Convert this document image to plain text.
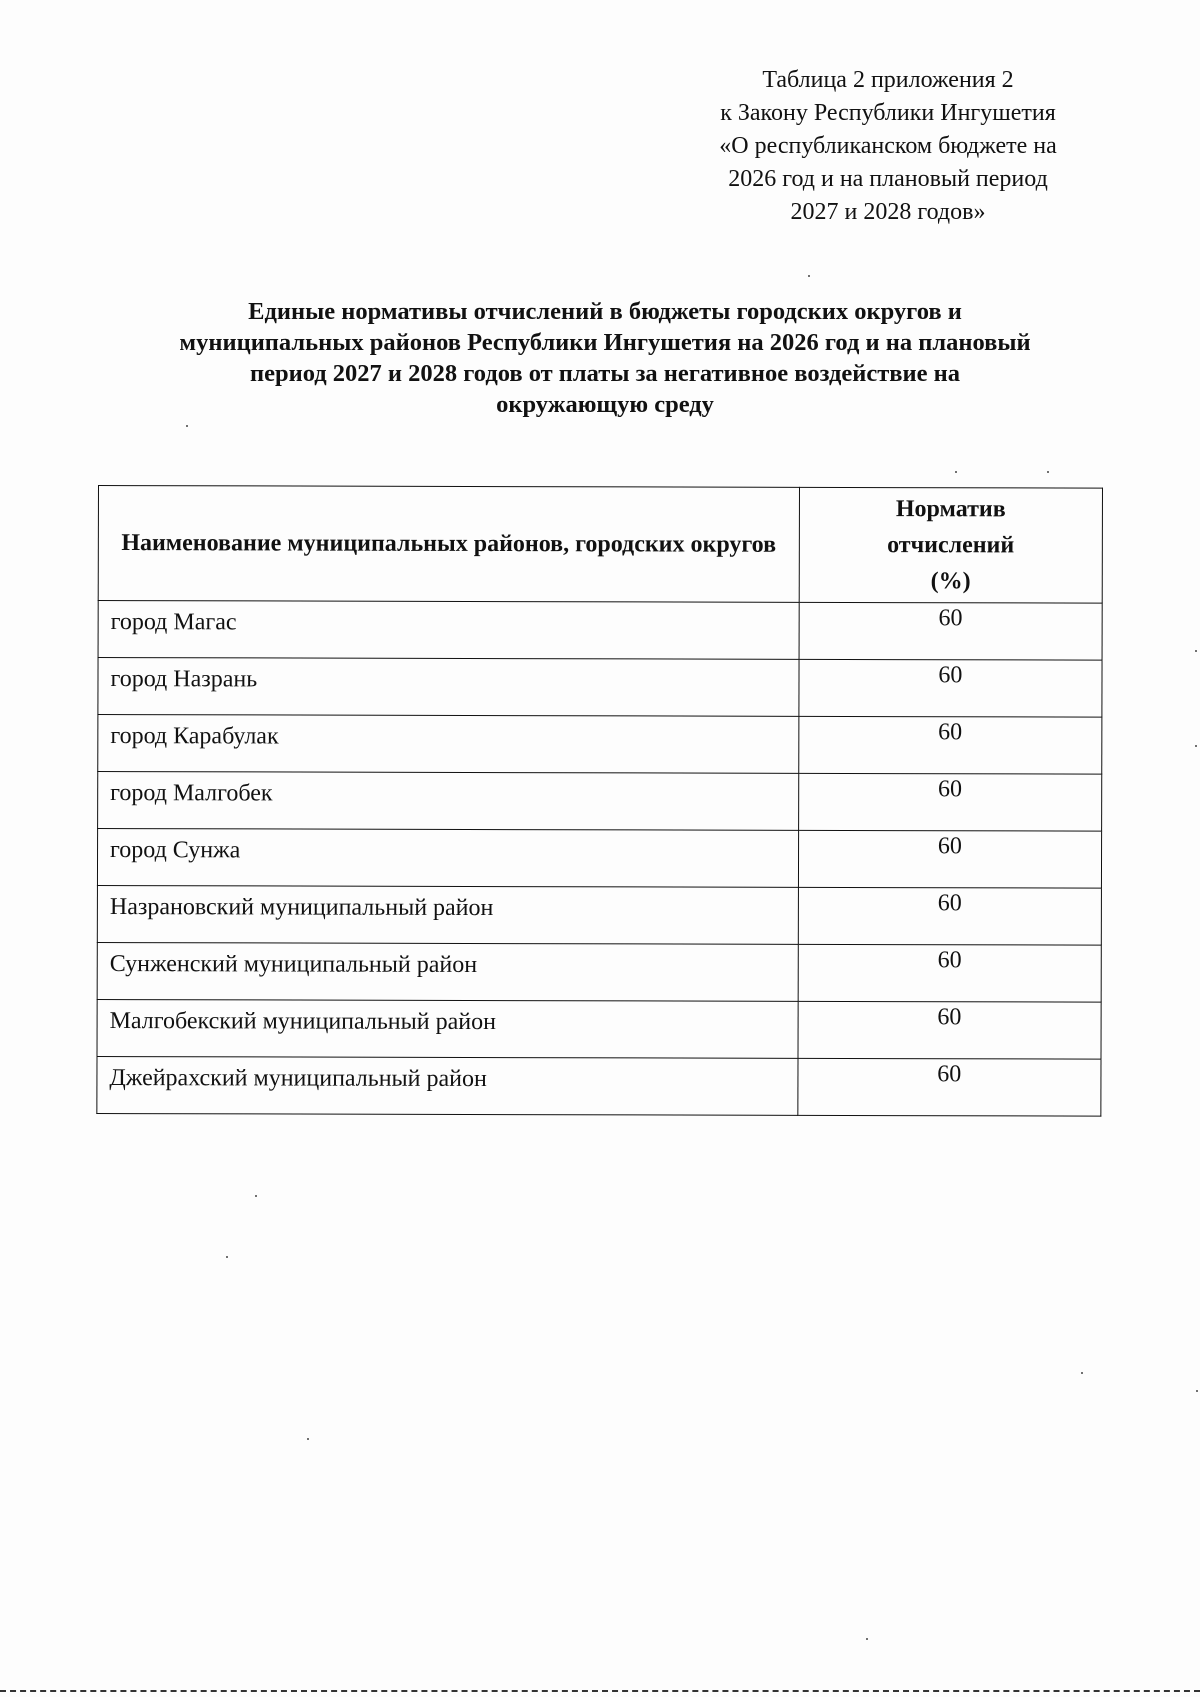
Таблица 2 приложения 2
к Закону Республики Ингушетия
«О республиканском бюджете на
2026 год и на плановый период
2027 и 2028 годов»
Единые нормативы отчислений в бюджеты городских округов и
муниципальных районов Республики Ингушетия на 2026 год и на плановый
период 2027 и 2028 годов от платы за негативное воздействие на
окружающую среду
Наименование муниципальных районов, городских округов	Норматив
отчислений
(%)

город Магас	60
город Назрань	60
город Карабулак	60
город Малгобек	60
город Сунжа	60
Назрановский муниципальный район	60
Сунженский муниципальный район	60
Малгобекский муниципальный район	60
Джейрахский муниципальный район	60
